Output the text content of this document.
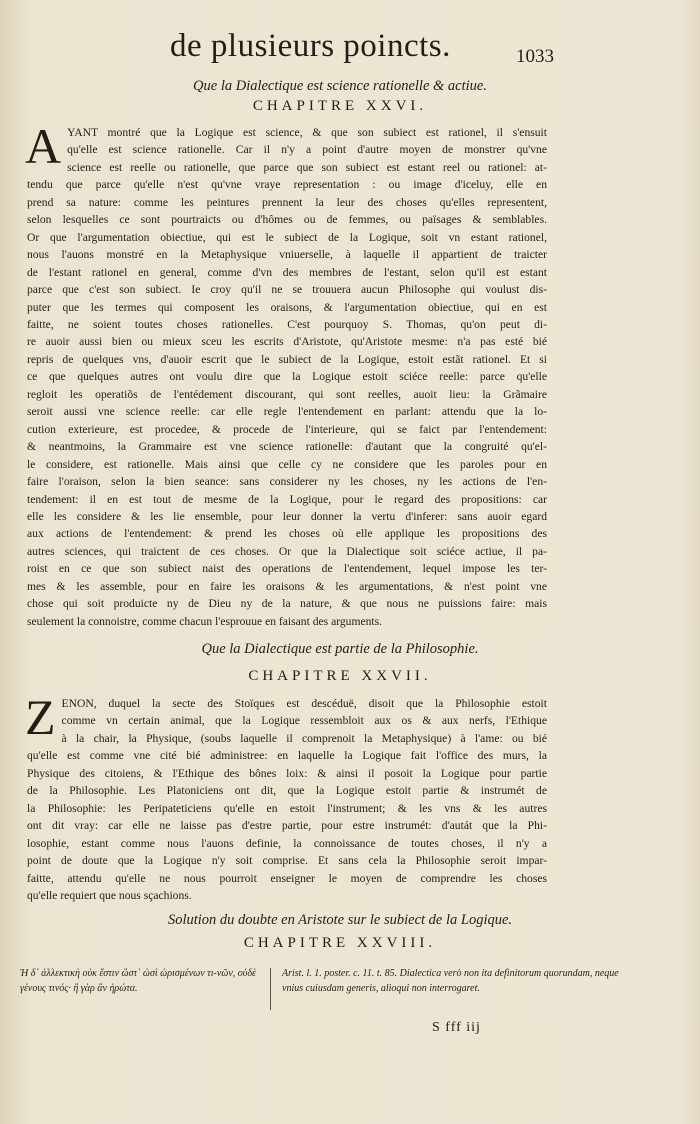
de plusieurs poincts.	1033
Que la Dialectique est science rationelle & actiue.
CHAPITRE XXVI.
A YANT montré que la Logique est science, & que son subiect est rationel, il s'ensuit
qu'elle est science rationelle. Car il n'y a point d'autre moyen de monstrer qu'vne
science est reelle ou rationelle, que parce que son subiect est estant reel ou rationel: at-
tendu que parce qu'elle n'est qu'vne vraye representation : ou image d'iceluy, elle en
prend sa nature: comme les peintures prennent la leur des choses qu'elles representent,
selon lesquelles ce sont pourtraicts ou d'hômes ou de femmes, ou païsages & semblables.
Or que l'argumentation obiectiue, qui est le subiect de la Logique, soit vn estant rationel,
nous l'auons monstré en la Metaphysique vniuerselle, à laquelle il appartient de traicter
de l'estant rationel en general, comme d'vn des membres de l'estant, selon qu'il est estant
parce que c'est son subiect. Ie croy qu'il ne se trouuera aucun Philosophe qui voulust dis-
puter que les termes qui composent les oraisons, & l'argumentation obiectiue, qui en est
faitte, ne soient toutes choses rationelles. C'est pourquoy S. Thomas, qu'on peut di-
re auoir aussi bien ou mieux sceu les escrits d'Aristote, qu'Aristote mesme: n'a pas esté bié
repris de quelques vns, d'auoir escrit que le subiect de la Logique, estoit estãt rationel. Et si
ce que quelques autres ont voulu dire que la Logique estoit sciéce reelle: parce qu'elle
regloit les operatiõs de l'entédement discourant, qui sont reelles, auoit lieu: la Grãmaire
seroit aussi vne science reelle: car elle regle l'entendement en parlant: attendu que la lo-
cution exterieure, est procedee, & procede de l'interieure, qui se faict par l'entendement:
& neantmoins, la Grammaire est vne science rationelle: d'autant que la congruité qu'el-
le considere, est rationelle. Mais ainsi que celle cy ne considere que les paroles pour en
faire l'oraison, selon la bien seance: sans considerer ny les choses, ny les actions de l'en-
tendement: il en est tout de mesme de la Logique, pour le regard des propositions: car
elle les considere & les lie ensemble, pour leur donner la vertu d'inferer: sans auoir egard
aux actions de l'entendement: & prend les choses où elle applique les propositions des
autres sciences, qui traictent de ces choses. Or que la Dialectique soit sciéce actiue, il pa-
roist en ce que son subiect naist des operations de l'entendement, lequel impose les ter-
mes & les assemble, pour en faire les oraisons & les argumentations, & n'est point vne
chose qui soit produicte ny de Dieu ny de la nature, & que nous ne puissions faire: mais
seulement la connoistre, comme chacun l'esprouue en faisant des arguments.
Que la Dialectique est partie de la Philosophie.
CHAPITRE XXVII.
Z ENON, duquel la secte des Stoïques est descéduë, disoit que la Philosophie estoit
comme vn certain animal, que la Logique ressembloit aux os & aux nerfs, l'Ethique
à la chair, la Physique, (soubs laquelle il comprenoit la Metaphysique) à l'ame: ou bié
qu'elle est comme vne cité bié administree: en laquelle la Logique fait l'office des murs, la
Physique des citoiens, & l'Ethique des bônes loix: & ainsi il posoit la Logique pour partie
de la Philosophie. Les Platoniciens ont dit, que la Logique estoit partie & instrumét de
la Philosophie: les Peripateticiens qu'elle en estoit l'instrument; & les vns & les autres
ont dit vray: car elle ne laisse pas d'estre partie, pour estre instrumét: d'autát que la Phi-
losophie, estant comme nous l'auons definie, la connoissance de toutes choses, il n'y a
point de doute que la Logique n'y soit comprise. Et sans cela la Philosophie seroit impar-
faitte, attendu qu'elle ne nous pourroit enseigner le moyen de comprendre les choses
qu'elle requiert que nous sçachions.
Solution du doubte en Aristote sur le subiect de la Logique.
CHAPITRE XXVIII.
Ἡ δ᾽ ἀλλεκτικὴ οὐκ ἔστιν ὥστ᾽ ὡσὶ ὡρισμένων τι-νῶν, οὐδὲ γένους τινός· ἢ γὰρ ἂν ἠρώτα.
Arist. l. 1. poster. c. 11. t. 85. Dialectica verò non ita definitorum quorundam, neque vnius cuiusdam generis, alioqui non interrogaret.
S fff iij
